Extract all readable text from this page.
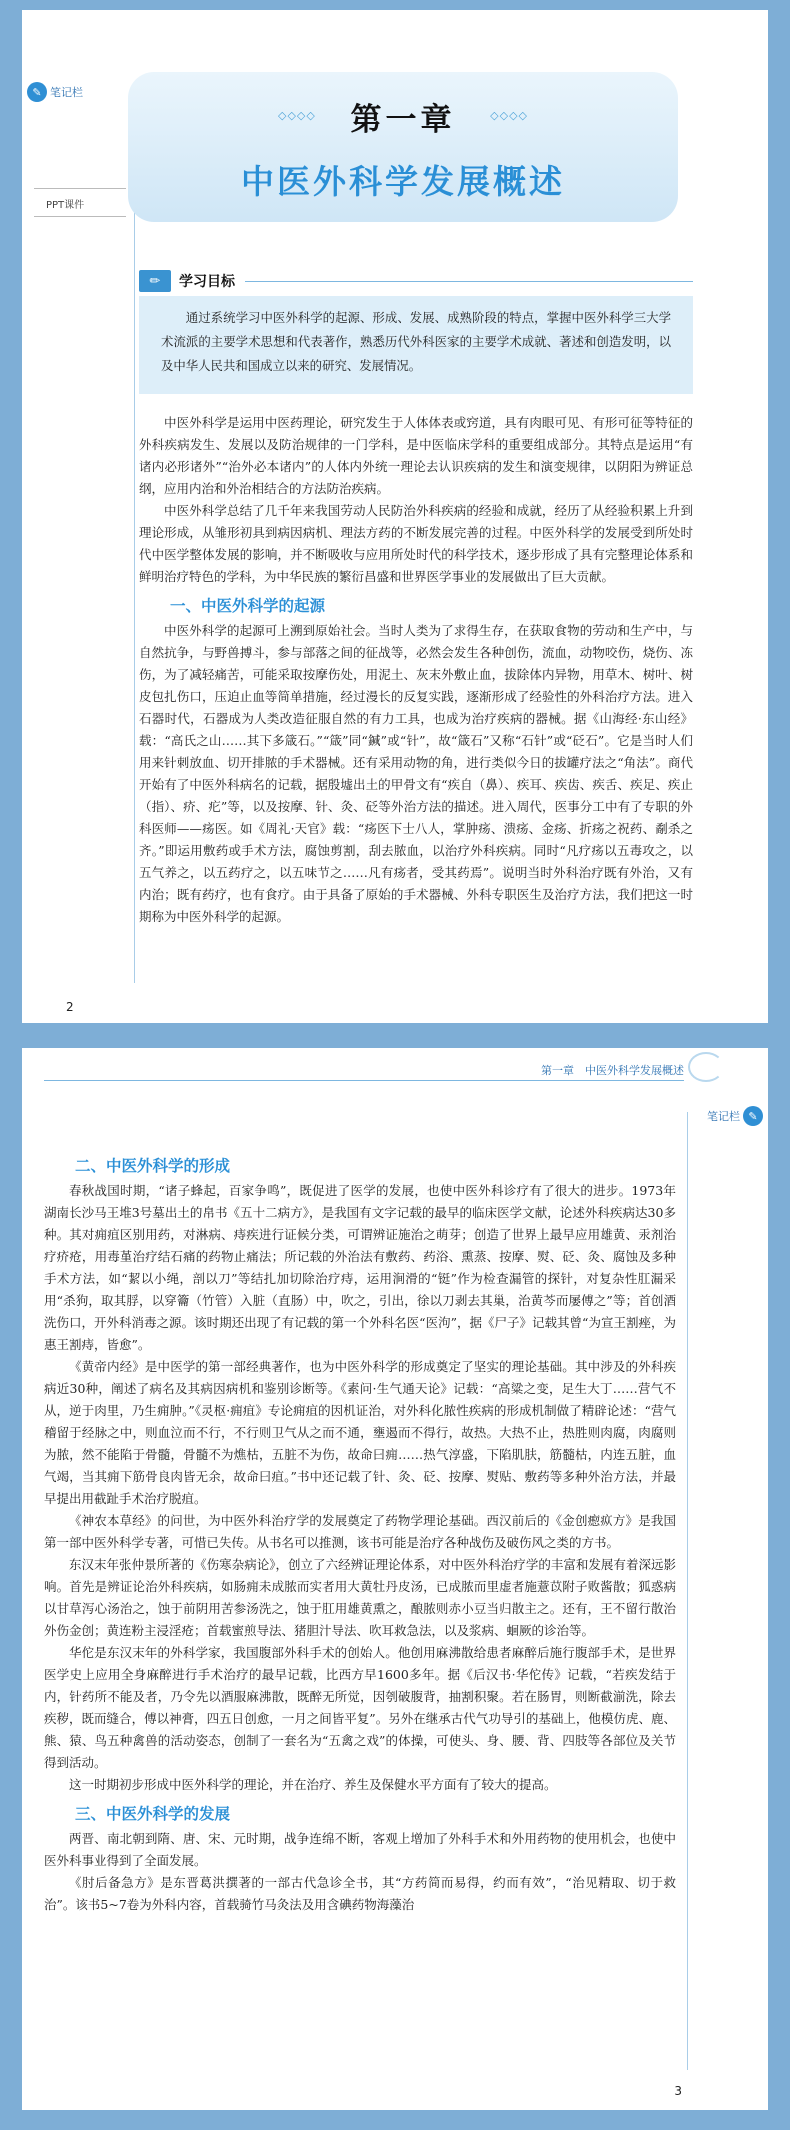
✎ 笔记栏
PPT课件
◇◇◇◇	第一章	◇◇◇◇
中医外科学发展概述
✏	学习目标
通过系统学习中医外科学的起源、形成、发展、成熟阶段的特点，掌握中医外科学三大学术流派的主要学术思想和代表著作，熟悉历代外科医家的主要学术成就、著述和创造发明，以及中华人民共和国成立以来的研究、发展情况。

中医外科学是运用中医药理论，研究发生于人体体表或窍道，具有肉眼可见、有形可征等特征的外科疾病发生、发展以及防治规律的一门学科，是中医临床学科的重要组成部分。其特点是运用“有诸内必形诸外”“治外必本诸内”的人体内外统一理论去认识疾病的发生和演变规律，以阴阳为辨证总纲，应用内治和外治相结合的方法防治疾病。

中医外科学总结了几千年来我国劳动人民防治外科疾病的经验和成就，经历了从经验积累上升到理论形成，从雏形初具到病因病机、理法方药的不断发展完善的过程。中医外科学的发展受到所处时代中医学整体发展的影响，并不断吸收与应用所处时代的科学技术，逐步形成了具有完整理论体系和鲜明治疗特色的学科，为中华民族的繁衍昌盛和世界医学事业的发展做出了巨大贡献。

一、中医外科学的起源

中医外科学的起源可上溯到原始社会。当时人类为了求得生存，在获取食物的劳动和生产中，与自然抗争，与野兽搏斗，参与部落之间的征战等，必然会发生各种创伤，流血，动物咬伤，烧伤、冻伤，为了减轻痛苦，可能采取按摩伤处，用泥土、灰末外敷止血，拔除体内异物，用草木、树叶、树皮包扎伤口，压迫止血等简单措施，经过漫长的反复实践，逐渐形成了经验性的外科治疗方法。进入石器时代，石器成为人类改造征服自然的有力工具，也成为治疗疾病的器械。据《山海经·东山经》载：“高氏之山……其下多箴石。”“箴”同“鍼”或“针”，故“箴石”又称“石针”或“砭石”。它是当时人们用来针刺放血、切开排脓的手术器械。还有采用动物的角，进行类似今日的拔罐疗法之“角法”。商代开始有了中医外科病名的记载，据殷墟出土的甲骨文有“疾自（鼻）、疾耳、疾齿、疾舌、疾足、疾止（指）、疥、疕”等，以及按摩、针、灸、砭等外治方法的描述。进入周代，医事分工中有了专职的外科医师——疡医。如《周礼·天官》载：“疡医下士八人，掌肿疡、溃疡、金疡、折疡之祝药、劀杀之齐。”即运用敷药或手术方法，腐蚀剪割，刮去脓血，以治疗外科疾病。同时“凡疗疡以五毒攻之，以五气养之，以五药疗之，以五味节之……凡有疡者，受其药焉”。说明当时外科治疗既有外治，又有内治；既有药疗，也有食疗。由于具备了原始的手术器械、外科专职医生及治疗方法，我们把这一时期称为中医外科学的起源。

2
第一章　中医外科学发展概述
✎
笔记栏
二、中医外科学的形成

春秋战国时期，“诸子蜂起，百家争鸣”，既促进了医学的发展，也使中医外科诊疗有了很大的进步。1973年湖南长沙马王堆3号墓出土的帛书《五十二病方》，是我国有文字记载的最早的临床医学文献，论述外科疾病达30多种。其对痈疽区别用药，对淋病、痔疾进行证候分类，可谓辨证施治之萌芽；创造了世界上最早应用雄黄、汞剂治疗疥疮，用毒堇治疗结石痛的药物止痛法；所记载的外治法有敷药、药浴、熏蒸、按摩、熨、砭、灸、腐蚀及多种手术方法，如“絜以小绳，剖以刀”等结扎加切除治疗痔，运用涧滑的“铤”作为检查漏管的探针，对复杂性肛漏采用“杀狗，取其脬，以穿籥（竹管）入脏（直肠）中，吹之，引出，徐以刀剥去其巢，治黄芩而屡傅之”等；首创酒洗伤口，开外科消毒之源。该时期还出现了有记载的第一个外科名医“医泃”，据《尸子》记载其曾“为宣王割痤，为惠王割痔，皆愈”。

《黄帝内经》是中医学的第一部经典著作，也为中医外科学的形成奠定了坚实的理论基础。其中涉及的外科疾病近30种，阐述了病名及其病因病机和鉴别诊断等。《素问·生气通天论》记载：“高粱之变，足生大丁……营气不从，逆于肉里，乃生痈肿。”《灵枢·痈疽》专论痈疽的因机证治，对外科化脓性疾病的形成机制做了精辟论述：“营气稽留于经脉之中，则血泣而不行，不行则卫气从之而不通，壅遏而不得行，故热。大热不止，热胜则肉腐，肉腐则为脓，然不能陷于骨髓，骨髓不为燋枯，五脏不为伤，故命曰痈……热气淳盛，下陷肌肤，筋髓枯，内连五脏，血气竭，当其痈下筋骨良肉皆无余，故命曰疽。”书中还记载了针、灸、砭、按摩、熨贴、敷药等多种外治方法，并最早提出用截趾手术治疗脱疽。

《神农本草经》的问世，为中医外科治疗学的发展奠定了药物学理论基础。西汉前后的《金创瘛疭方》是我国第一部中医外科学专著，可惜已失传。从书名可以推测，该书可能是治疗各种战伤及破伤风之类的方书。

东汉末年张仲景所著的《伤寒杂病论》，创立了六经辨证理论体系，对中医外科治疗学的丰富和发展有着深远影响。首先是辨证论治外科疾病，如肠痈未成脓而实者用大黄牡丹皮汤，已成脓而里虚者施薏苡附子败酱散；狐惑病以甘草泻心汤治之，蚀于前阴用苦参汤洗之，蚀于肛用雄黄熏之，酿脓则赤小豆当归散主之。还有，王不留行散治外伤金创；黄连粉主浸淫疮；首载蜜煎导法、猪胆汁导法、吹耳救急法，以及浆病、蛔厥的诊治等。

华佗是东汉末年的外科学家，我国腹部外科手术的创始人。他创用麻沸散给患者麻醉后施行腹部手术，是世界医学史上应用全身麻醉进行手术治疗的最早记载，比西方早1600多年。据《后汉书·华佗传》记载，“若疾发结于内，针药所不能及者，乃令先以酒服麻沸散，既醉无所觉，因刳破腹背，抽割积聚。若在肠胃，则断截湔洗，除去疾秽，既而缝合，傅以神膏，四五日创愈，一月之间皆平复”。另外在继承古代气功导引的基础上，他模仿虎、鹿、熊、猿、鸟五种禽兽的活动姿态，创制了一套名为“五禽之戏”的体操，可使头、身、腰、背、四肢等各部位及关节得到活动。

这一时期初步形成中医外科学的理论，并在治疗、养生及保健水平方面有了较大的提高。

三、中医外科学的发展

两晋、南北朝到隋、唐、宋、元时期，战争连绵不断，客观上增加了外科手术和外用药物的使用机会，也使中医外科事业得到了全面发展。

《肘后备急方》是东晋葛洪撰著的一部古代急诊全书，其“方药简而易得，约而有效”，“治见精取、切于救治”。该书5~7卷为外科内容，首载骑竹马灸法及用含碘药物海藻治

3
